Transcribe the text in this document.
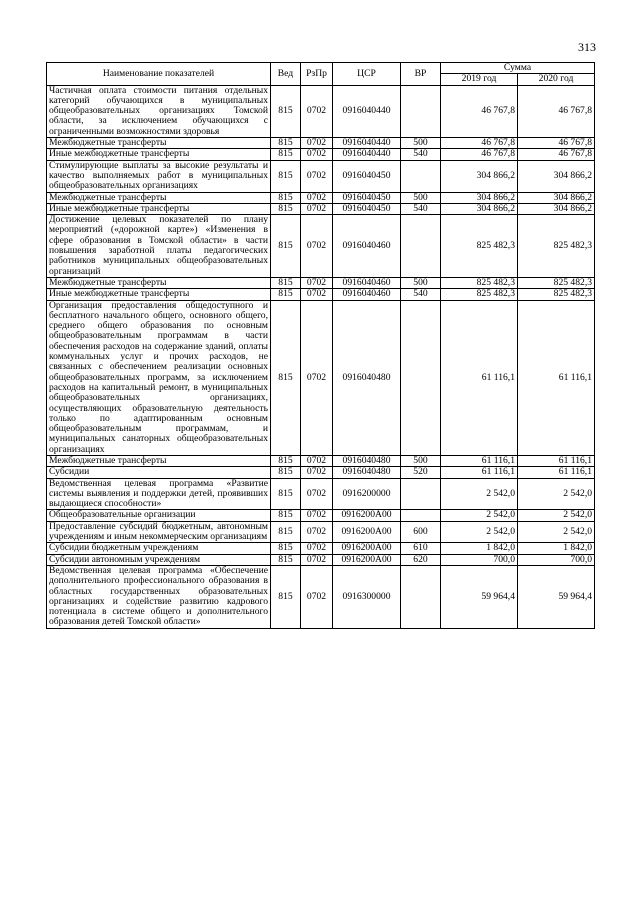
313
Наименование показателей	Вед	РзПр	ЦСР	ВР	Сумма	
					2019 год	2020 год
Частичная оплата стоимости питания отдельных категорий обучающихся в муниципальных общеобразовательных организациях Томской области, за исключением обучающихся с ограниченными возможностями здоровья	815	0702	0916040440		46 767,8	46 767,8
Межбюджетные трансферты	815	0702	0916040440	500	46 767,8	46 767,8
Иные межбюджетные трансферты	815	0702	0916040440	540	46 767,8	46 767,8
Стимулирующие выплаты за высокие результаты и качество выполняемых работ в муниципальных общеобразовательных организациях	815	0702	0916040450		304 866,2	304 866,2
Межбюджетные трансферты	815	0702	0916040450	500	304 866,2	304 866,2
Иные межбюджетные трансферты	815	0702	0916040450	540	304 866,2	304 866,2
Достижение целевых показателей по плану мероприятий («дорожной карте») «Изменения в сфере образования в Томской области» в части повышения заработной платы педагогических работников муниципальных общеобразовательных организаций	815	0702	0916040460		825 482,3	825 482,3
Межбюджетные трансферты	815	0702	0916040460	500	825 482,3	825 482,3
Иные межбюджетные трансферты	815	0702	0916040460	540	825 482,3	825 482,3
Организация предоставления общедоступного и бесплатного начального общего, основного общего, среднего общего образования по основным общеобразовательным программам в части обеспечения расходов на содержание зданий, оплаты коммунальных услуг и прочих расходов, не связанных с обеспечением реализации основных общеобразовательных программ, за исключением расходов на капитальный ремонт, в муниципальных общеобразовательных организациях, осуществляющих образовательную деятельность только по адаптированным основным общеобразовательным программам, и муниципальных санаторных общеобразовательных организациях	815	0702	0916040480		61 116,1	61 116,1
Межбюджетные трансферты	815	0702	0916040480	500	61 116,1	61 116,1
Субсидии	815	0702	0916040480	520	61 116,1	61 116,1
Ведомственная целевая программа «Развитие системы выявления и поддержки детей, проявивших выдающиеся способности»	815	0702	0916200000		2 542,0	2 542,0
Общеобразовательные организации	815	0702	0916200А00		2 542,0	2 542,0
Предоставление субсидий бюджетным, автономным учреждениям и иным некоммерческим организациям	815	0702	0916200А00	600	2 542,0	2 542,0
Субсидии бюджетным учреждениям	815	0702	0916200А00	610	1 842,0	1 842,0
Субсидии автономным учреждениям	815	0702	0916200А00	620	700,0	700,0
Ведомственная целевая программа «Обеспечение дополнительного профессионального образования в областных государственных образовательных организациях и содействие развитию кадрового потенциала в системе общего и дополнительного образования детей Томской области»	815	0702	0916300000		59 964,4	59 964,4
